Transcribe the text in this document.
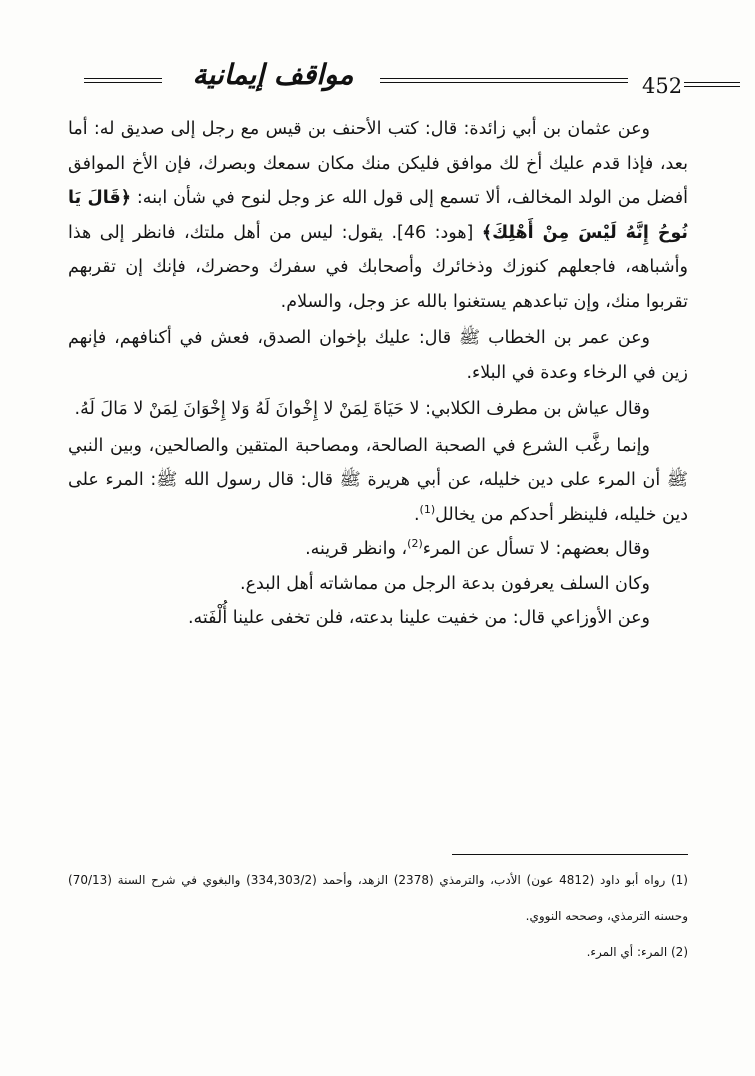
مواقف إيمانية	452

وعن عثمان بن أبي زائدة: قال: كتب الأحنف بن قيس مع رجل إلى صديق له: أما بعد، فإذا قدم عليك أخ لك موافق فليكن منك مكان سمعك وبصرك، فإن الأخ الموافق أفضل من الولد المخالف، ألا تسمع إلى قول الله عز وجل لنوح في شأن ابنه: ﴿قَالَ يَا نُوحُ إِنَّهُ لَيْسَ مِنْ أَهْلِكَ﴾ [هود: 46]. يقول: ليس من أهل ملتك، فانظر إلى هذا وأشباهه، فاجعلهم كنوزك وذخائرك وأصحابك في سفرك وحضرك، فإنك إن تقربهم تقربوا منك، وإن تباعدهم يستغنوا بالله عز وجل، والسلام.

وعن عمر بن الخطاب ﷺ قال: عليك بإخوان الصدق، فعش في أكنافهم، فإنهم زين في الرخاء وعدة في البلاء.

وقال عياش بن مطرف الكلابي: لا حَيَاةَ لِمَنْ لا إِخْوانَ لَهُ وَلا إِخْوَانَ لِمَنْ لا مَالَ لَهُ.

وإنما رغَّب الشرع في الصحبة الصالحة، ومصاحبة المتقين والصالحين، وبين النبي ﷺ أن المرء على دين خليله، عن أبي هريرة ﷺ قال: قال رسول الله ﷺ: المرء على دين خليله، فلينظر أحدكم من يخالل$^{(1)}$.

وقال بعضهم: لا تسأل عن المرء$^{(2)}$، وانظر قرينه.

وكان السلف يعرفون بدعة الرجل من مماشاته أهل البدع.

وعن الأوزاعي قال: من خفيت علينا بدعته، فلن تخفى علينا أُلْفَته.

(1) رواه أبو داود (4812 عون) الأدب، والترمذي (2378) الزهد، وأحمد (334,303/2) والبغوي في شرح السنة (70/13) وحسنه الترمذي، وصححه النووي.

(2) المرء: أي المرء.
